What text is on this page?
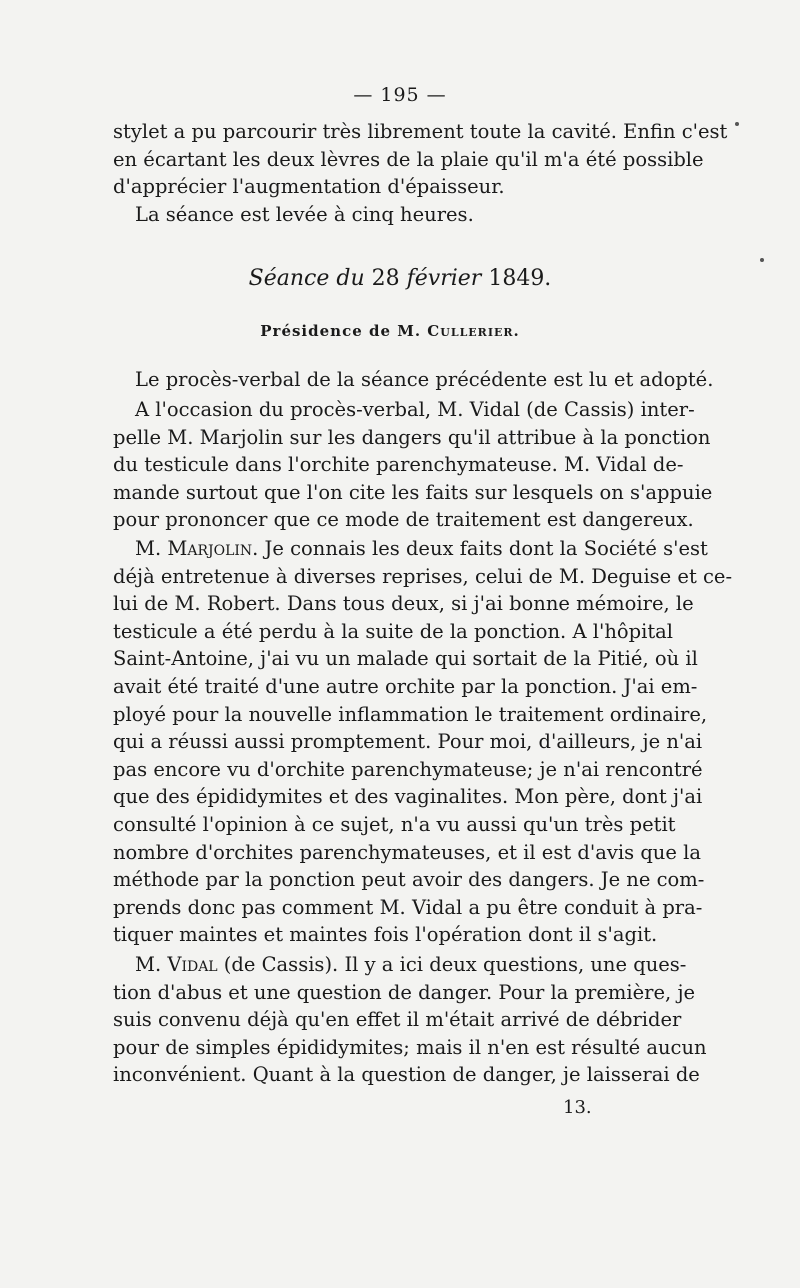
— 195 —
stylet a pu parcourir très librement toute la cavité. Enfin c'est
en écartant les deux lèvres de la plaie qu'il m'a été possible
d'apprécier l'augmentation d'épaisseur.
La séance est levée à cinq heures.
Séance du 28 février 1849.
Présidence de M. Cullerier.
Le procès-verbal de la séance précédente est lu et adopté.
A l'occasion du procès-verbal, M. Vidal (de Cassis) inter-
pelle M. Marjolin sur les dangers qu'il attribue à la ponction
du testicule dans l'orchite parenchymateuse. M. Vidal de-
mande surtout que l'on cite les faits sur lesquels on s'appuie
pour prononcer que ce mode de traitement est dangereux.
M. Marjolin. Je connais les deux faits dont la Société s'est
déjà entretenue à diverses reprises, celui de M. Deguise et ce-
lui de M. Robert. Dans tous deux, si j'ai bonne mémoire, le
testicule a été perdu à la suite de la ponction. A l'hôpital
Saint-Antoine, j'ai vu un malade qui sortait de la Pitié, où il
avait été traité d'une autre orchite par la ponction. J'ai em-
ployé pour la nouvelle inflammation le traitement ordinaire,
qui a réussi aussi promptement. Pour moi, d'ailleurs, je n'ai
pas encore vu d'orchite parenchymateuse; je n'ai rencontré
que des épididymites et des vaginalites. Mon père, dont j'ai
consulté l'opinion à ce sujet, n'a vu aussi qu'un très petit
nombre d'orchites parenchymateuses, et il est d'avis que la
méthode par la ponction peut avoir des dangers. Je ne com-
prends donc pas comment M. Vidal a pu être conduit à pra-
tiquer maintes et maintes fois l'opération dont il s'agit.
M. Vidal (de Cassis). Il y a ici deux questions, une ques-
tion d'abus et une question de danger. Pour la première, je
suis convenu déjà qu'en effet il m'était arrivé de débrider
pour de simples épididymites; mais il n'en est résulté aucun
inconvénient. Quant à la question de danger, je laisserai de
13.
